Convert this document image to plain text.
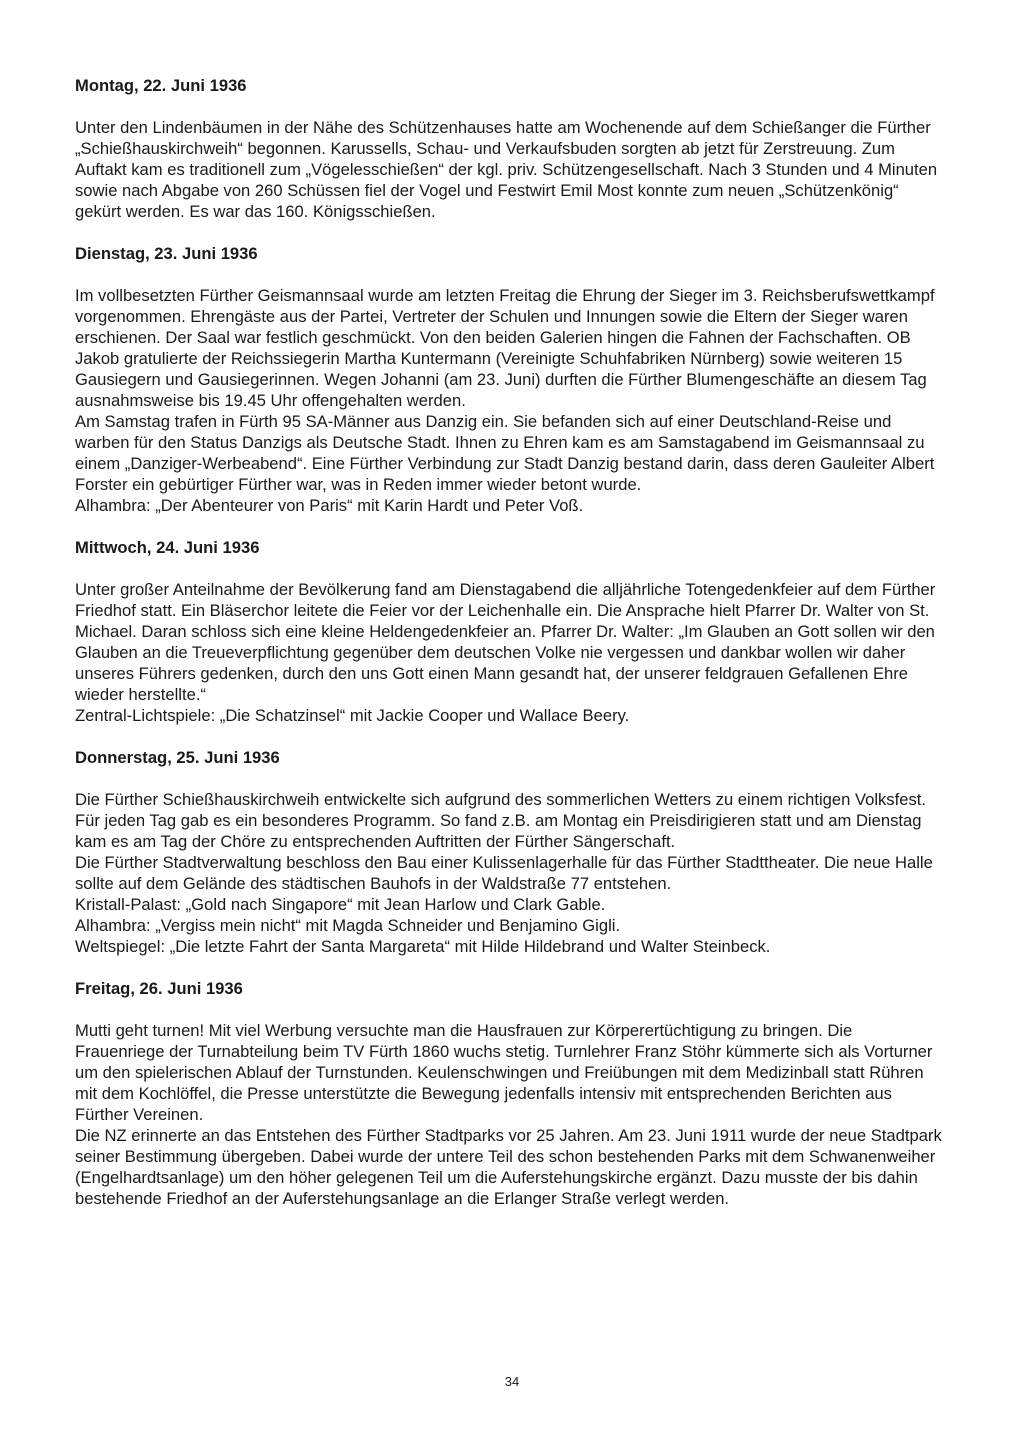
Montag, 22. Juni 1936

Unter den Lindenbäumen in der Nähe des Schützenhauses hatte am Wochenende auf dem Schießanger die Fürther „Schießhauskirchweih“ begonnen. Karussells, Schau- und Verkaufsbuden sorgten ab jetzt für Zerstreuung. Zum Auftakt kam es traditionell zum „Vögelesschießen“ der kgl. priv. Schützengesellschaft. Nach 3 Stunden und 4 Minuten sowie nach Abgabe von 260 Schüssen fiel der Vogel und Festwirt Emil Most konnte zum neuen „Schützenkönig“ gekürt werden. Es war das 160. Königsschießen.

Dienstag, 23. Juni 1936

Im vollbesetzten Fürther Geismannsaal wurde am letzten Freitag die Ehrung der Sieger im 3. Reichsberufswettkampf vorgenommen. Ehrengäste aus der Partei, Vertreter der Schulen und Innungen sowie die Eltern der Sieger waren erschienen. Der Saal war festlich geschmückt. Von den beiden Galerien hingen die Fahnen der Fachschaften. OB Jakob gratulierte der Reichssiegerin Martha Kuntermann (Vereinigte Schuhfabriken Nürnberg) sowie weiteren 15 Gausiegern und Gausiegerinnen. Wegen Johanni (am 23. Juni) durften die Fürther Blumengeschäfte an diesem Tag ausnahmsweise bis 19.45 Uhr offengehalten werden.

Am Samstag trafen in Fürth 95 SA-Männer aus Danzig ein. Sie befanden sich auf einer Deutschland-Reise und warben für den Status Danzigs als Deutsche Stadt. Ihnen zu Ehren kam es am Samstagabend im Geismannsaal zu einem „Danziger-Werbeabend“. Eine Fürther Verbindung zur Stadt Danzig bestand darin, dass deren Gauleiter Albert Forster ein gebürtiger Fürther war, was in Reden immer wieder betont wurde.

Alhambra: „Der Abenteurer von Paris“ mit Karin Hardt und Peter Voß.

Mittwoch, 24. Juni 1936

Unter großer Anteilnahme der Bevölkerung fand am Dienstagabend die alljährliche Totengedenkfeier auf dem Fürther Friedhof statt. Ein Bläserchor leitete die Feier vor der Leichenhalle ein. Die Ansprache hielt Pfarrer Dr. Walter von St. Michael. Daran schloss sich eine kleine Heldengedenkfeier an. Pfarrer Dr. Walter: „Im Glauben an Gott sollen wir den Glauben an die Treueverpflichtung gegenüber dem deutschen Volke nie vergessen und dankbar wollen wir daher unseres Führers gedenken, durch den uns Gott einen Mann gesandt hat, der unserer feldgrauen Gefallenen Ehre wieder herstellte.“

Zentral-Lichtspiele: „Die Schatzinsel“ mit Jackie Cooper und Wallace Beery.

Donnerstag, 25. Juni 1936

Die Fürther Schießhauskirchweih entwickelte sich aufgrund des sommerlichen Wetters zu einem richtigen Volksfest. Für jeden Tag gab es ein besonderes Programm. So fand z.B. am Montag ein Preisdirigieren statt und am Dienstag kam es am Tag der Chöre zu entsprechenden Auftritten der Fürther Sängerschaft.

Die Fürther Stadtverwaltung beschloss den Bau einer Kulissenlagerhalle für das Fürther Stadttheater. Die neue Halle sollte auf dem Gelände des städtischen Bauhofs in der Waldstraße 77 entstehen.

Kristall-Palast: „Gold nach Singapore“ mit Jean Harlow und Clark Gable.

Alhambra: „Vergiss mein nicht“ mit Magda Schneider und Benjamino Gigli.

Weltspiegel: „Die letzte Fahrt der Santa Margareta“ mit Hilde Hildebrand und Walter Steinbeck.

Freitag, 26. Juni 1936

Mutti geht turnen! Mit viel Werbung versuchte man die Hausfrauen zur Körperertüchtigung zu bringen. Die Frauenriege der Turnabteilung beim TV Fürth 1860 wuchs stetig. Turnlehrer Franz Stöhr kümmerte sich als Vorturner um den spielerischen Ablauf der Turnstunden. Keulenschwingen und Freiübungen mit dem Medizinball statt Rühren mit dem Kochlöffel, die Presse unterstützte die Bewegung jedenfalls intensiv mit entsprechenden Berichten aus Fürther Vereinen.

Die NZ erinnerte an das Entstehen des Fürther Stadtparks vor 25 Jahren. Am 23. Juni 1911 wurde der neue Stadtpark seiner Bestimmung übergeben. Dabei wurde der untere Teil des schon bestehenden Parks mit dem Schwanenweiher (Engelhardtsanlage) um den höher gelegenen Teil um die Auferstehungskirche ergänzt. Dazu musste der bis dahin bestehende Friedhof an der Auferstehungsanlage an die Erlanger Straße verlegt werden.

34
